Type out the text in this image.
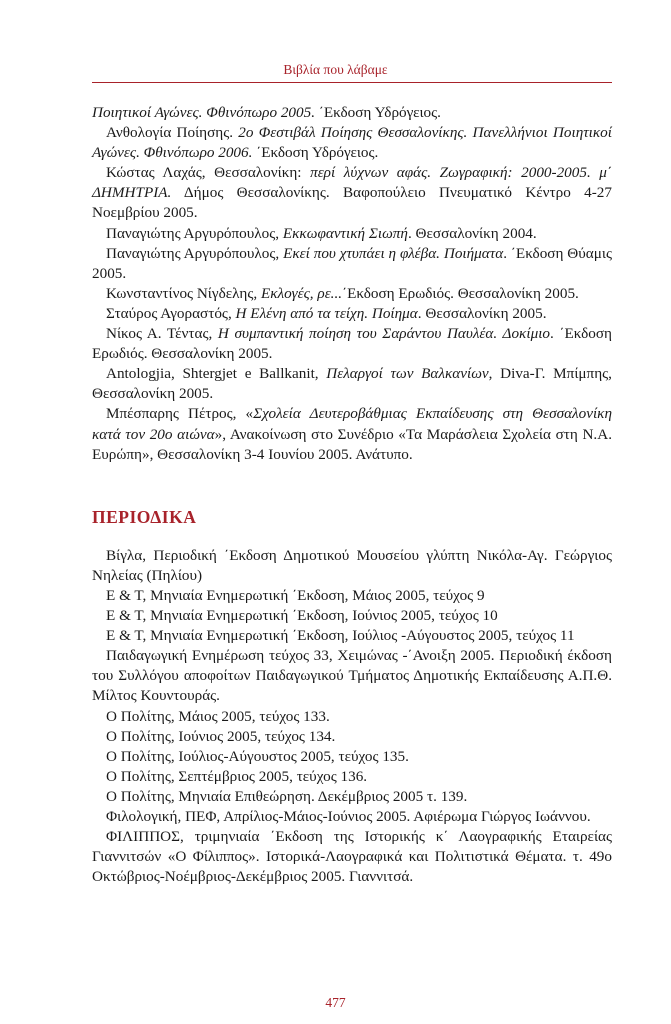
Βιβλία που λάβαμε

Ποιητικοί Αγώνες. Φθινόπωρο 2005. ΄Εκδοση Υδρόγειος.

Ανθολογία Ποίησης. 2ο Φεστιβάλ Ποίησης Θεσσαλονίκης. Πανελλήνιοι Ποιητικοί Αγώνες. Φθινόπωρο 2006. ΄Εκδοση Υδρόγειος.

Κώστας Λαχάς, Θεσσαλονίκη: περί λύχνων αφάς. Ζωγραφική: 2000-2005. μ΄ ΔΗΜΗΤΡΙΑ. Δήμος Θεσσαλονίκης. Βαφοπούλειο Πνευματικό Κέντρο 4-27 Νοεμβρίου 2005.

Παναγιώτης Αργυρόπουλος, Εκκωφαντική Σιωπή. Θεσσαλονίκη 2004.

Παναγιώτης Αργυρόπουλος, Εκεί που χτυπάει η φλέβα. Ποιήματα. ΄Εκδοση Θύαμις 2005.

Κωνσταντίνος Νίγδελης, Εκλογές, ρε...΄Εκδοση Ερωδιός. Θεσσαλονίκη 2005.

Σταύρος Αγοραστός, Η Ελένη από τα τείχη. Ποίημα. Θεσσαλονίκη 2005.

Νίκος Α. Τέντας, Η συμπαντική ποίηση του Σαράντου Παυλέα. Δοκίμιο. ΄Εκδοση Ερωδιός. Θεσσαλονίκη 2005.

Antologjia, Shtergjet e Ballkanit, Πελαργοί των Βαλκανίων, Diva-Γ. Μπίμπης, Θεσσαλονίκη 2005.

Μπέσπαρης Πέτρος, «Σχολεία Δευτεροβάθμιας Εκπαίδευσης στη Θεσσαλονίκη κατά τον 20ο αιώνα», Ανακοίνωση στο Συνέδριο «Τα Μαράσλεια Σχολεία στη Ν.Α. Ευρώπη», Θεσσαλονίκη 3-4 Ιουνίου 2005. Ανάτυπο.

ΠΕΡΙΟΔΙΚΑ

Βίγλα, Περιοδική ΄Εκδοση Δημοτικού Μουσείου γλύπτη Νικόλα-Αγ. Γεώργιος Νηλείας (Πηλίου)

Ε & Τ, Μηνιαία Ενημερωτική ΄Εκδοση, Μάιος 2005, τεύχος 9

Ε & Τ, Μηνιαία Ενημερωτική ΄Εκδοση, Ιούνιος 2005, τεύχος 10

Ε & Τ, Μηνιαία Ενημερωτική ΄Εκδοση, Ιούλιος -Αύγουστος 2005, τεύχος 11

Παιδαγωγική Ενημέρωση τεύχος 33, Χειμώνας -΄Ανοιξη 2005. Περιοδική έκδοση του Συλλόγου αποφοίτων Παιδαγωγικού Τμήματος Δημοτικής Εκπαίδευσης Α.Π.Θ. Μίλτος Κουντουράς.

Ο Πολίτης, Μάιος 2005, τεύχος 133.

Ο Πολίτης, Ιούνιος 2005, τεύχος 134.

Ο Πολίτης, Ιούλιος-Αύγουστος 2005, τεύχος 135.

Ο Πολίτης, Σεπτέμβριος 2005, τεύχος 136.

Ο Πολίτης, Μηνιαία Επιθεώρηση. Δεκέμβριος 2005 τ. 139.

Φιλολογική, ΠΕΦ, Απρίλιος-Μάιος-Ιούνιος 2005. Αφιέρωμα Γιώργος Ιωάννου.

ΦΙΛΙΠΠΟΣ, τριμηνιαία ΄Εκδοση της Ιστορικής κ΄ Λαογραφικής Εταιρείας Γιαννιτσών «Ο Φίλιππος». Ιστορικά-Λαογραφικά και Πολιτιστικά Θέματα. τ. 49ο Οκτώβριος-Νοέμβριος-Δεκέμβριος 2005. Γιαννιτσά.

477
